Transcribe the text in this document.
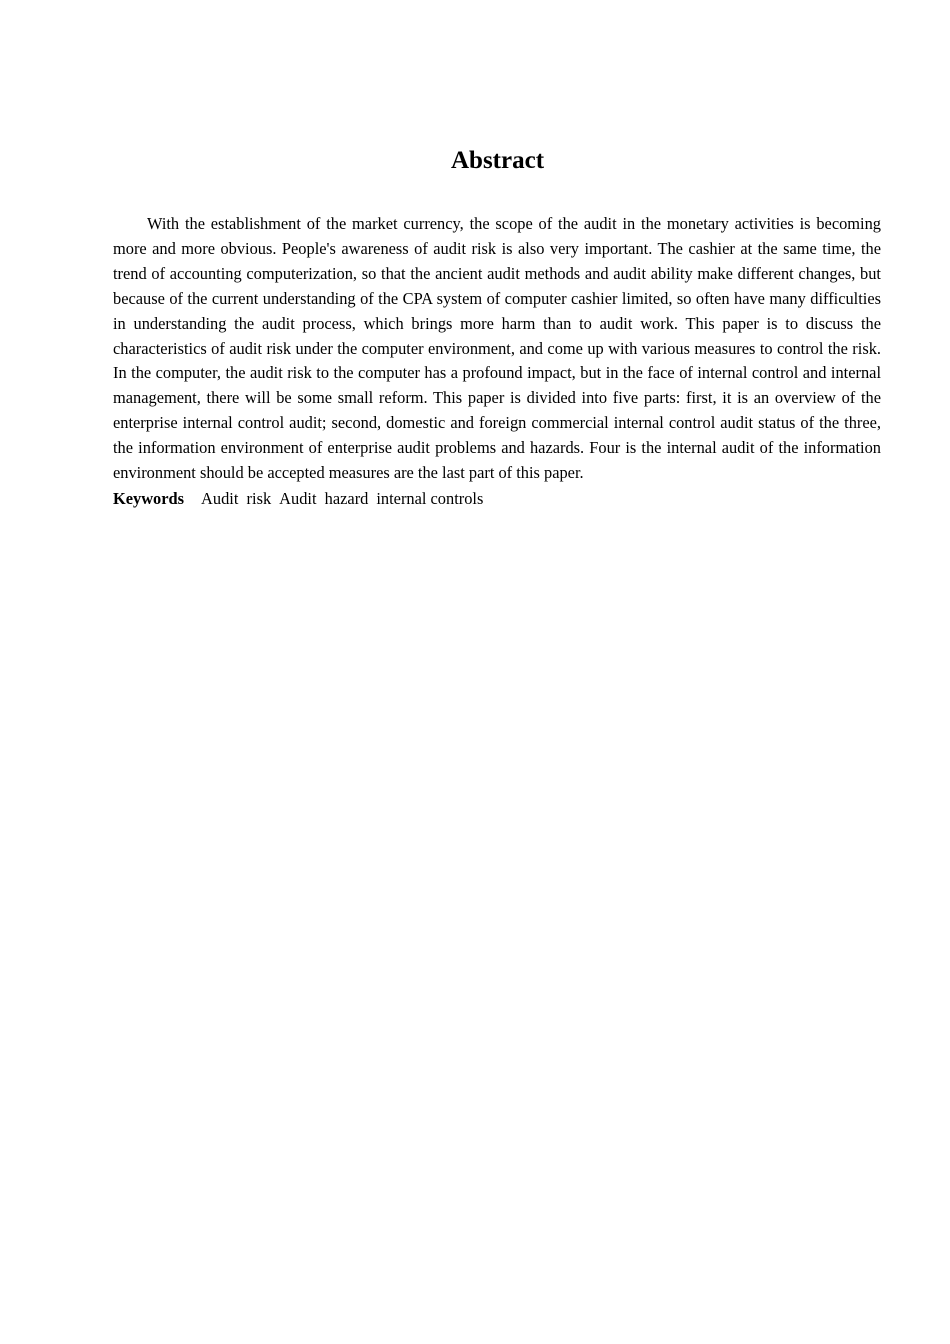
Abstract

With the establishment of the market currency, the scope of the audit in the monetary activities is becoming more and more obvious. People's awareness of audit risk is also very important. The cashier at the same time, the trend of accounting computerization, so that the ancient audit methods and audit ability make different changes, but because of the current understanding of the CPA system of computer cashier limited, so often have many difficulties in understanding the audit process, which brings more harm than to audit work. This paper is to discuss the characteristics of audit risk under the computer environment, and come up with various measures to control the risk. In the computer, the audit risk to the computer has a profound impact, but in the face of internal control and internal management, there will be some small reform. This paper is divided into five parts: first, it is an overview of the enterprise internal control audit; second, domestic and foreign commercial internal control audit status of the three, the information environment of enterprise audit problems and hazards. Four is the internal audit of the information environment should be accepted measures are the last part of this paper.

Keywords Audit  risk Audit  hazard internal controls
